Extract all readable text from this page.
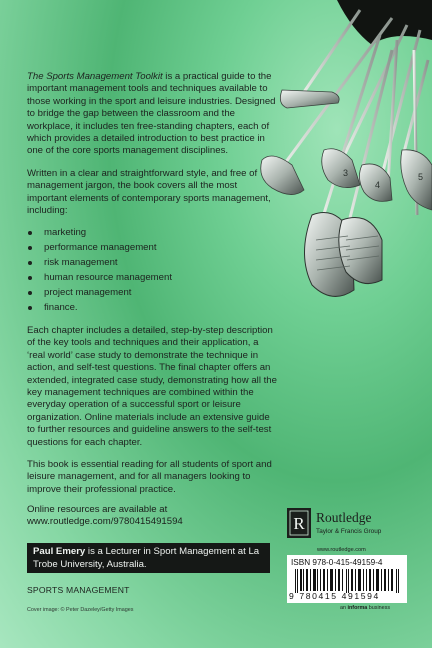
3
4
5

The Sports Management Toolkit is a practical guide to the important management tools and techniques available to those working in the sport and leisure industries. Designed to bridge the gap between the classroom and the workplace, it includes ten free-standing chapters, each of which provides a detailed introduction to best practice in one of the core sports management disciplines.

Written in a clear and straightforward style, and free of management jargon, the book covers all the most important elements of contemporary sports management, including:

marketing
performance management
risk management
human resource management
project management
finance.

Each chapter includes a detailed, step-by-step description of the key tools and techniques and their application, a ‘real world’ case study to demonstrate the technique in action, and self-test questions. The final chapter offers an extended, integrated case study, demonstrating how all the key management techniques are combined within the everyday operation of a successful sport or leisure organization. Online materials include an extensive guide to further resources and guideline answers to the self-test questions for each chapter.

This book is essential reading for all students of sport and leisure management, and for all managers looking to improve their professional practice.

Online resources are available at
www.routledge.com/9780415491594
Paul Emery is a Lecturer in Sport Management at La Trobe University, Australia.
SPORTS MANAGEMENT
Cover image: © Peter Dazeley/Getty Images
R Routledge
Taylor & Francis Group
www.routledge.com
ISBN 978-0-415-49159-4
9 780415 491594
an informa business
